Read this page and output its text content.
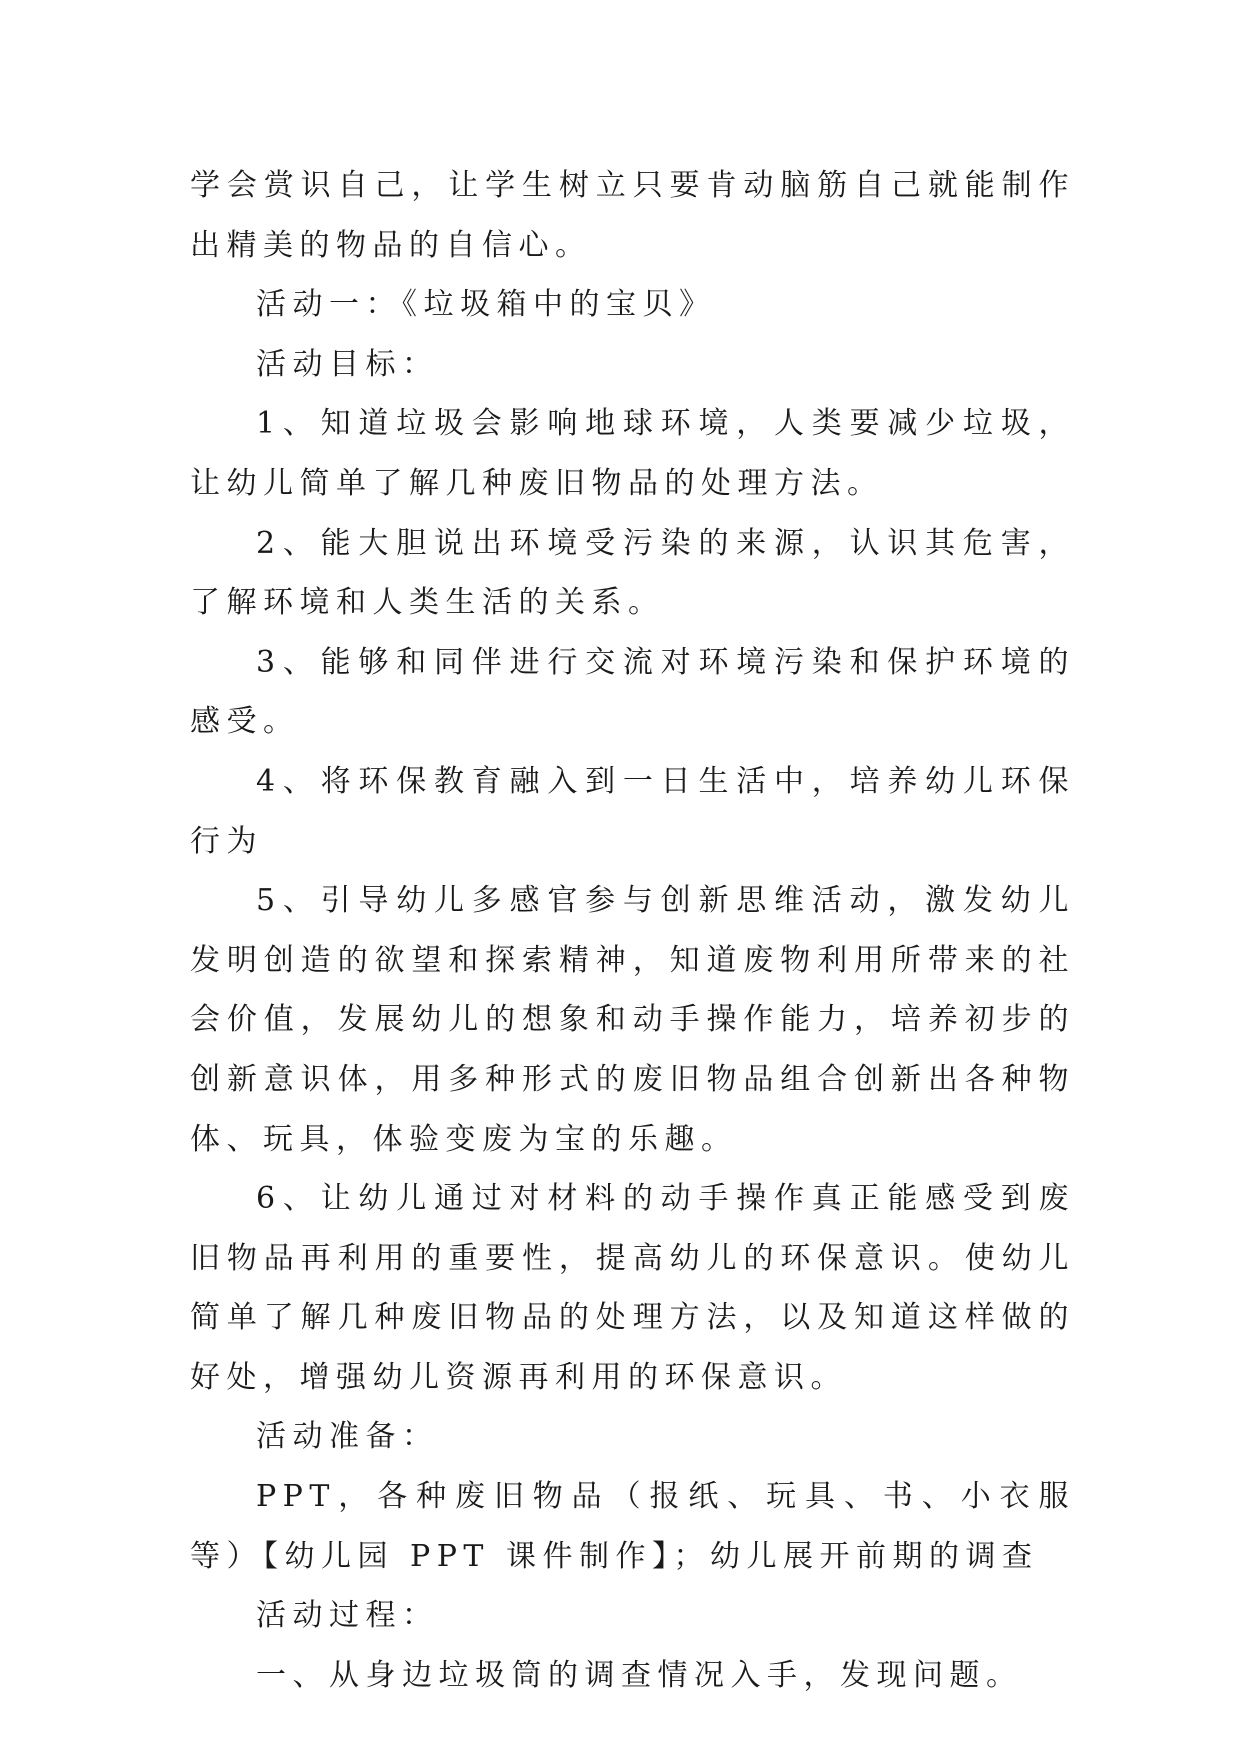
学会赏识自己，让学生树立只要肯动脑筋自己就能制作出精美的物品的自信心。

活动一：《垃圾箱中的宝贝》

活动目标：

1、知道垃圾会影响地球环境，人类要减少垃圾，让幼儿简单了解几种废旧物品的处理方法。

2、能大胆说出环境受污染的来源，认识其危害，了解环境和人类生活的关系。

3、能够和同伴进行交流对环境污染和保护环境的感受。

4、将环保教育融入到一日生活中，培养幼儿环保行为

5、引导幼儿多感官参与创新思维活动，激发幼儿发明创造的欲望和探索精神，知道废物利用所带来的社会价值，发展幼儿的想象和动手操作能力，培养初步的创新意识体，用多种形式的废旧物品组合创新出各种物体、玩具，体验变废为宝的乐趣。

6、让幼儿通过对材料的动手操作真正能感受到废旧物品再利用的重要性，提高幼儿的环保意识。使幼儿简单了解几种废旧物品的处理方法，以及知道这样做的好处，增强幼儿资源再利用的环保意识。

活动准备：

PPT，各种废旧物品（报纸、玩具、书、小衣服等）【幼儿园 PPT 课件制作】；幼儿展开前期的调查

活动过程：

一、从身边垃圾筒的调查情况入手，发现问题。
